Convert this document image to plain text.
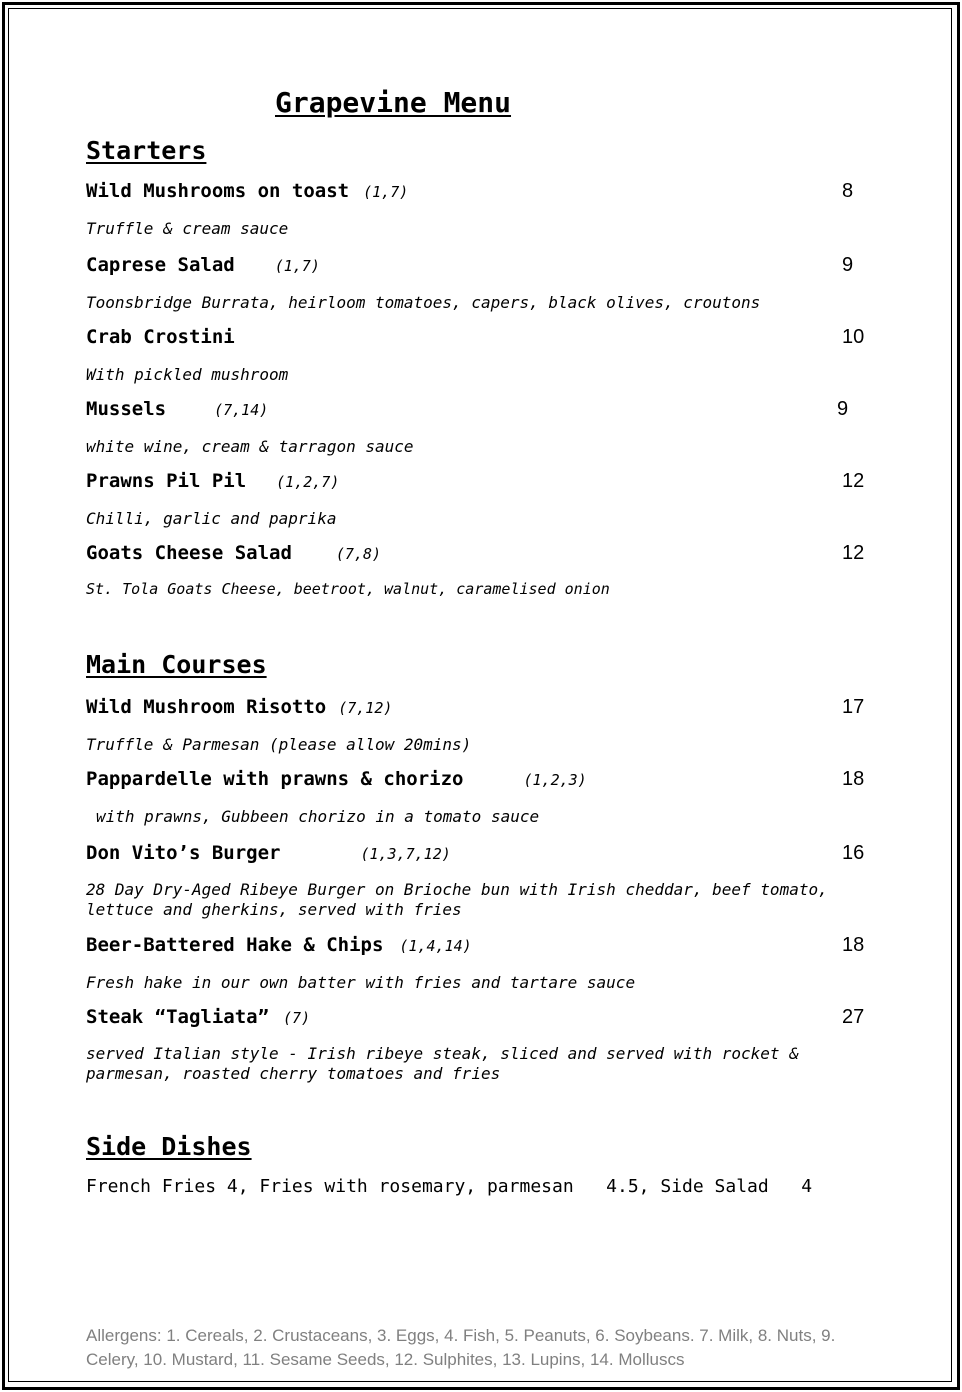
Grapevine Menu
Starters
Wild Mushrooms on toast (1,7)	8
Truffle & cream sauce
Caprese Salad	(1,7)	9
Toonsbridge Burrata, heirloom tomatoes, capers, black olives, croutons
Crab Crostini	10
With pickled mushroom
Mussels	(7,14)	9
white wine, cream & tarragon sauce
Prawns Pil Pil (1,2,7)	12
Chilli, garlic and paprika
Goats Cheese Salad	(7,8)	12
St. Tola Goats Cheese, beetroot, walnut, caramelised onion
Main Courses
Wild Mushroom Risotto (7,12)	17
Truffle & Parmesan (please allow 20mins)
Pappardelle with prawns & chorizo	(1,2,3)	18
with prawns, Gubbeen chorizo in a tomato sauce
Don Vito’s Burger	(1,3,7,12)	16
28 Day Dry-Aged Ribeye Burger on Brioche bun with Irish cheddar, beef tomato, lettuce and gherkins, served with fries
Beer-Battered Hake & Chips (1,4,14)	18
Fresh hake in our own batter with fries and tartare sauce
Steak “Tagliata” (7)	27
served Italian style - Irish ribeye steak, sliced and served with rocket & parmesan, roasted cherry tomatoes and fries
Side Dishes
French Fries 4, Fries with rosemary, parmesan   4.5, Side Salad   4
Allergens: 1. Cereals, 2. Crustaceans, 3. Eggs, 4. Fish, 5. Peanuts, 6. Soybeans. 7. Milk, 8. Nuts, 9. Celery, 10. Mustard, 11. Sesame Seeds, 12. Sulphites, 13. Lupins, 14. Molluscs
